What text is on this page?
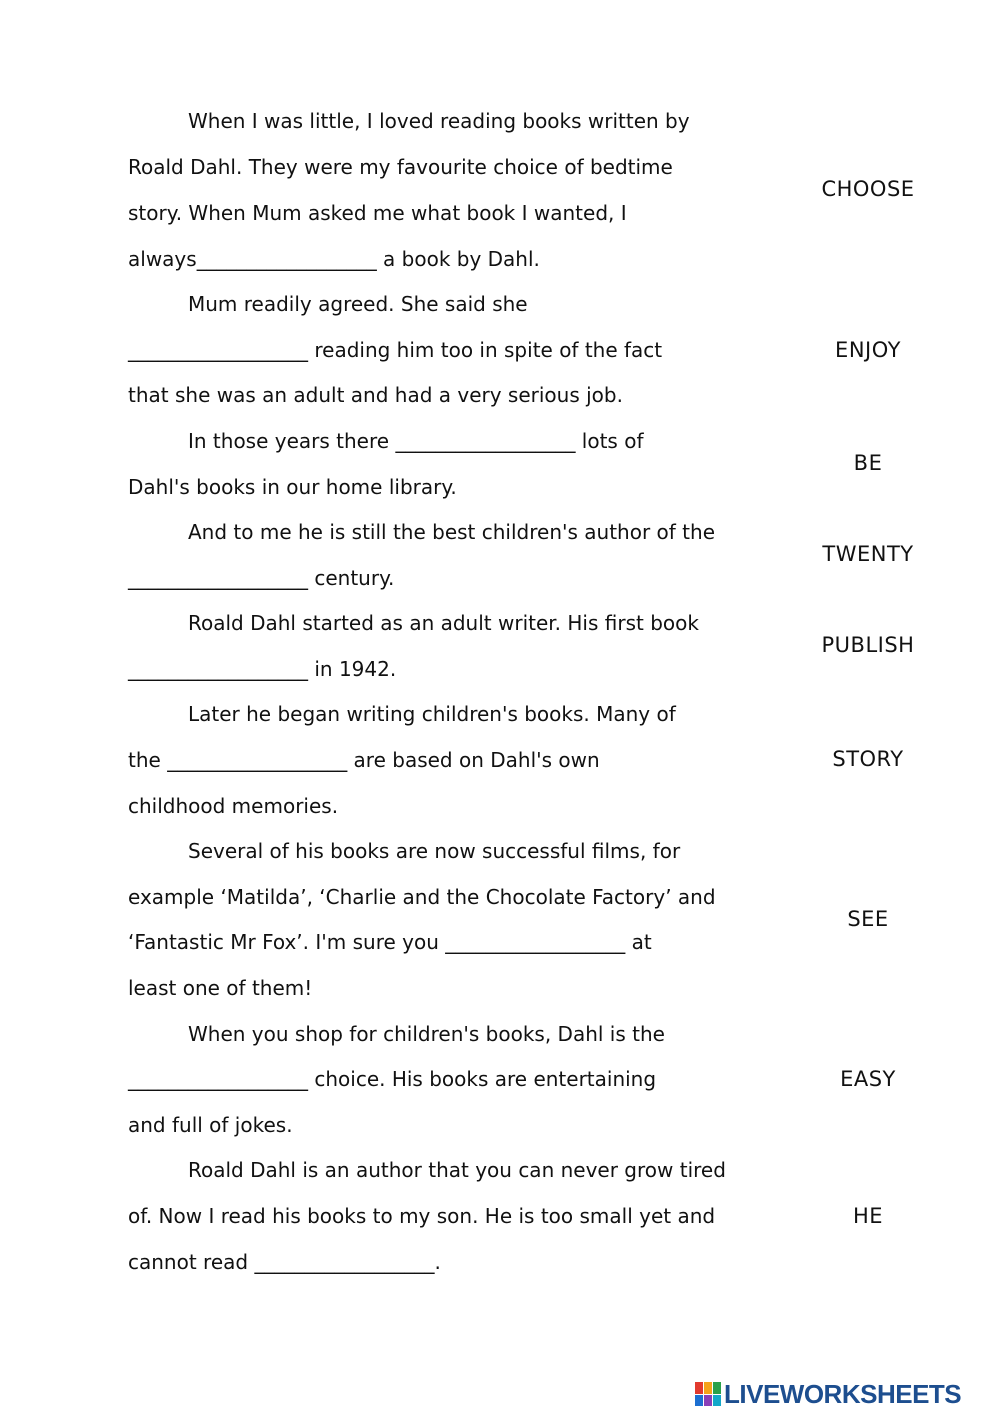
When I was little, I loved reading books written by
Roald Dahl. They were my favourite choice of bedtime
story. When Mum asked me what book I wanted, I
always__________________ a book by Dahl.
Mum readily agreed. She said she
__________________ reading him too in spite of the fact
that she was an adult and had a very serious job.
In those years there __________________ lots of
Dahl's books in our home library.
And to me he is still the best children's author of the
__________________ century.
Roald Dahl started as an adult writer. His first book
__________________ in 1942.
Later he began writing children's books. Many of
the __________________ are based on Dahl's own
childhood memories.
Several of his books are now successful films, for
example ‘Matilda’, ‘Charlie and the Chocolate Factory’ and
‘Fantastic Mr Fox’. I'm sure you __________________ at
least one of them!
When you shop for children's books, Dahl is the
__________________ choice. His books are entertaining
and full of jokes.
Roald Dahl is an author that you can never grow tired
of. Now I read his books to my son. He is too small yet and
cannot read __________________.
CHOOSE
ENJOY
BE
TWENTY
PUBLISH
STORY
SEE
EASY
HE
LIVEWORKSHEETS
